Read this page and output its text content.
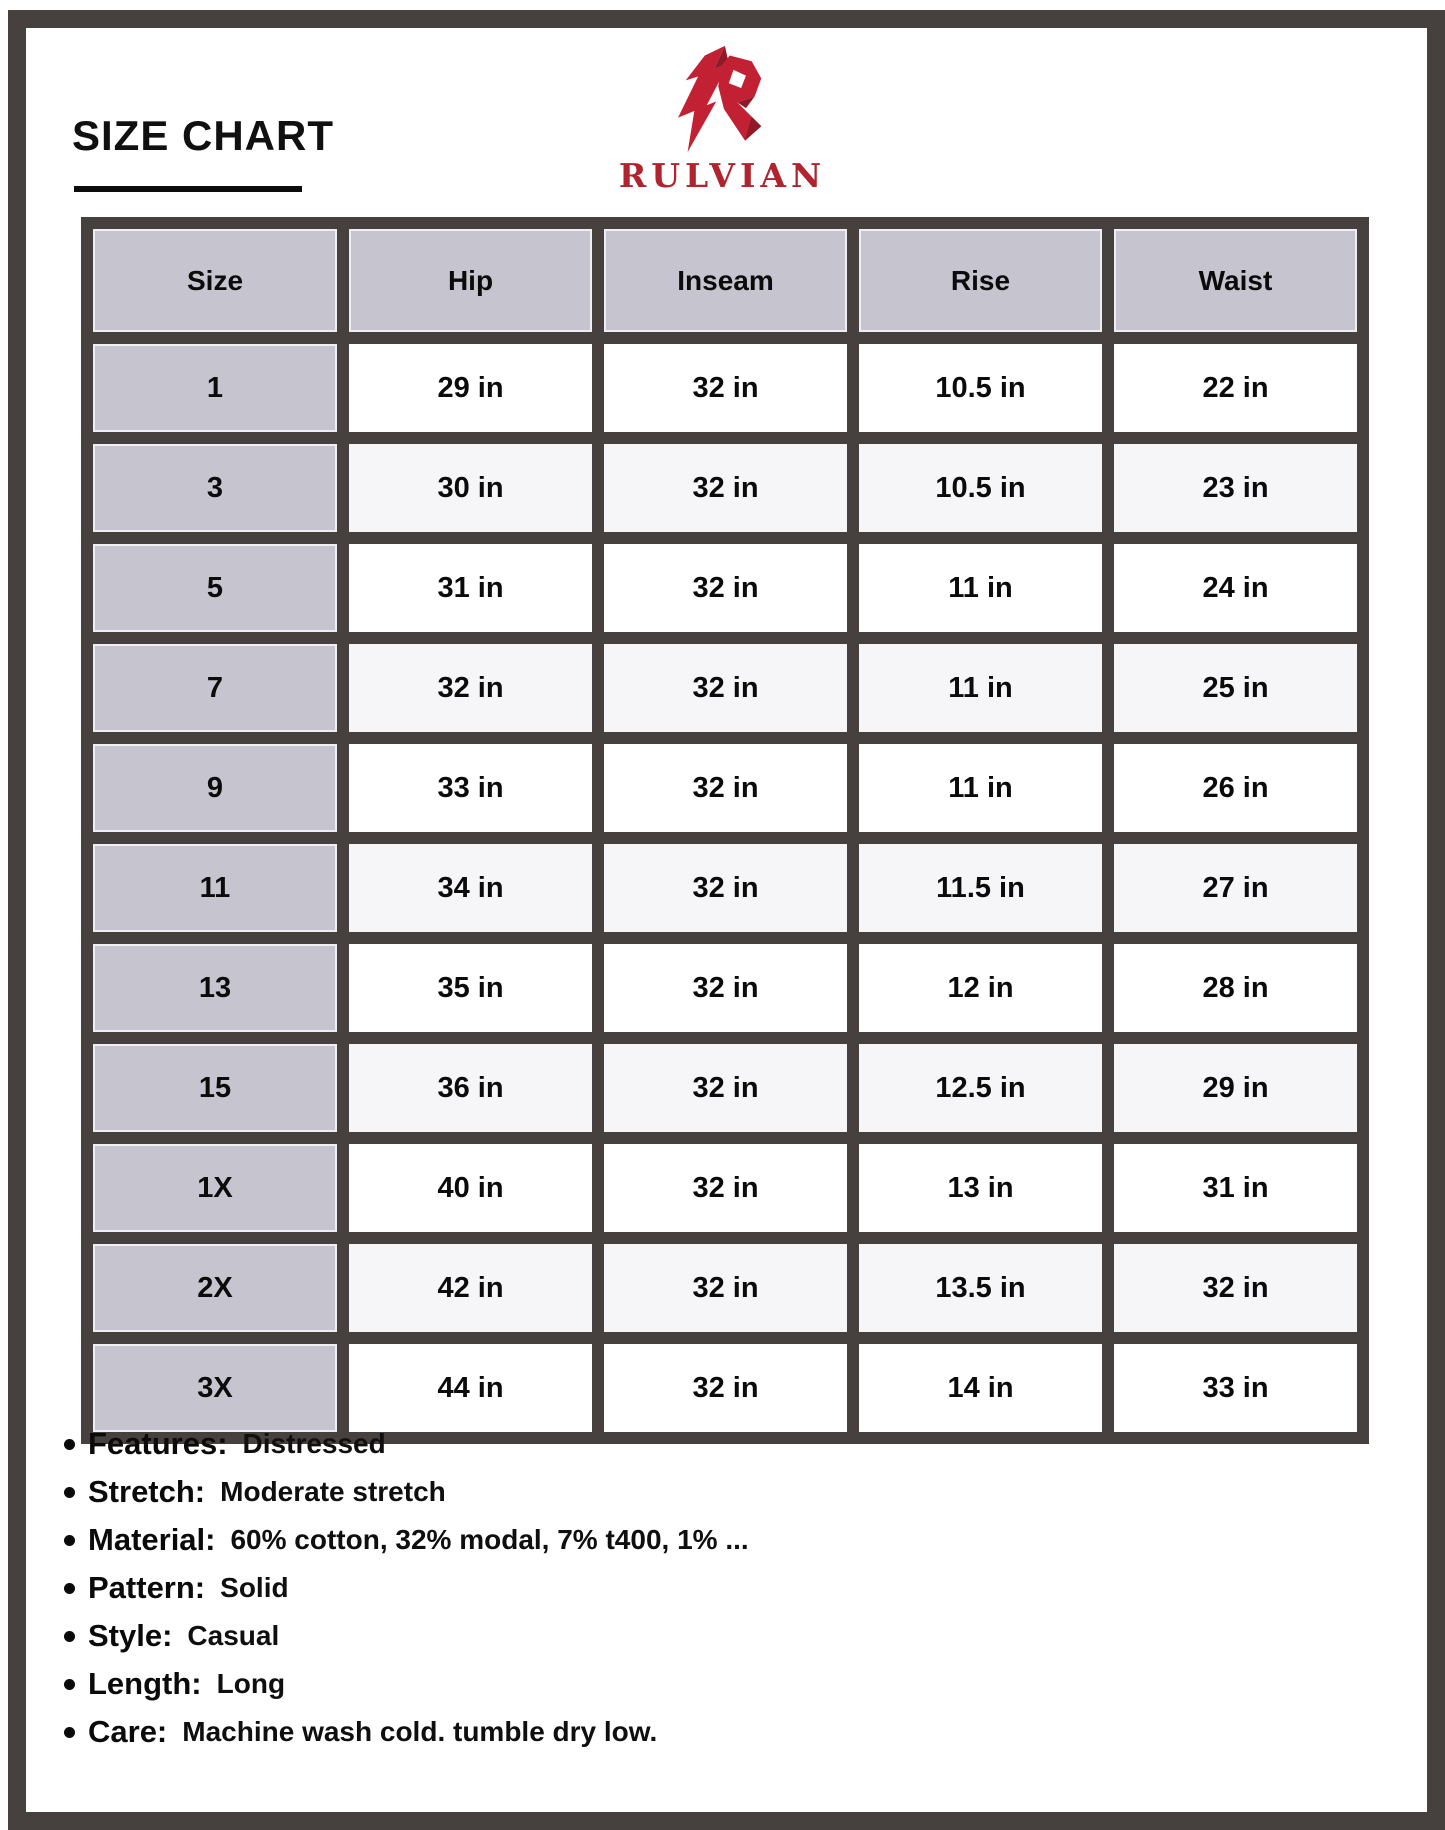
SIZE CHART
RULVIAN
Size	Hip	Inseam	Rise	Waist
1	29 in	32 in	10.5 in	22 in
3	30 in	32 in	10.5 in	23 in
5	31 in	32 in	11 in	24 in
7	32 in	32 in	11 in	25 in
9	33 in	32 in	11 in	26 in
11	34 in	32 in	11.5 in	27 in
13	35 in	32 in	12 in	28 in
15	36 in	32 in	12.5 in	29 in
1X	40 in	32 in	13 in	31 in
2X	42 in	32 in	13.5 in	32 in
3X	44 in	32 in	14 in	33 in
Features: Distressed
Stretch: Moderate stretch
Material: 60% cotton, 32% modal, 7% t400, 1% ...
Pattern: Solid
Style: Casual
Length: Long
Care: Machine wash cold. tumble dry low.
